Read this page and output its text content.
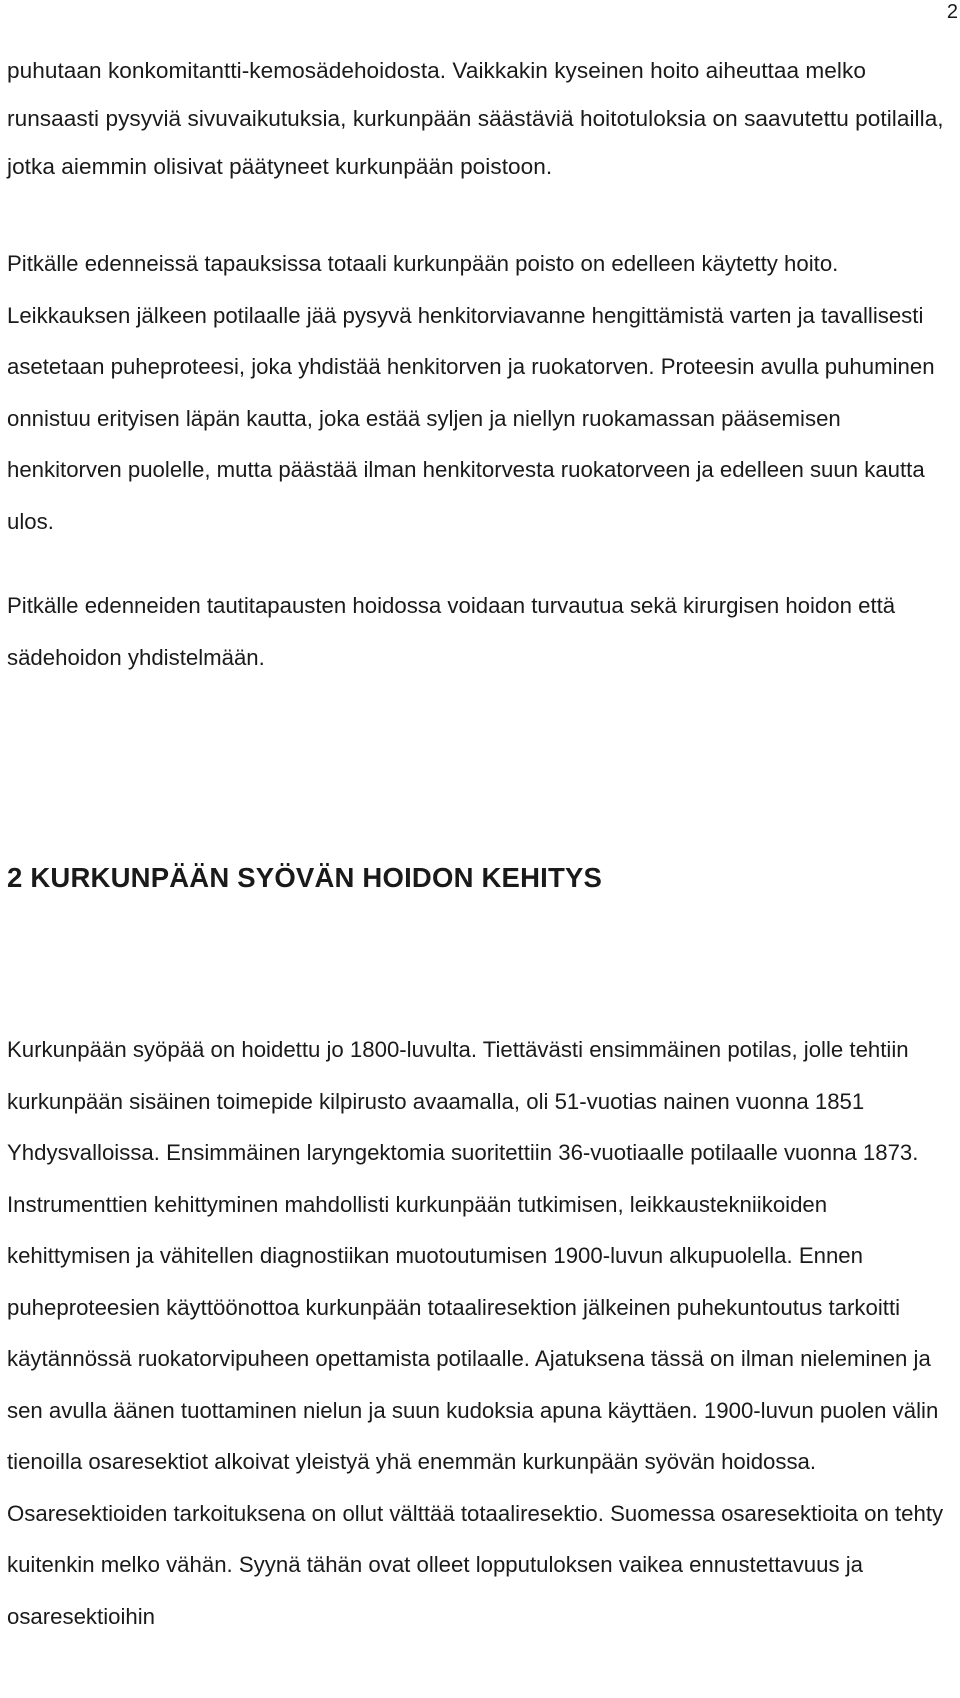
2

puhutaan konkomitantti-kemosädehoidosta. Vaikkakin kyseinen hoito aiheuttaa melko runsaasti pysyviä sivuvaikutuksia, kurkunpään säästäviä hoitotuloksia on saavutettu potilailla, jotka aiemmin olisivat päätyneet kurkunpään poistoon.

Pitkälle edenneissä tapauksissa totaali kurkunpään poisto on edelleen käytetty hoito. Leikkauksen jälkeen potilaalle jää pysyvä henkitorviavanne hengittämistä varten ja tavallisesti asetetaan puheproteesi, joka yhdistää henkitorven ja ruokatorven. Proteesin avulla puhuminen onnistuu erityisen läpän kautta, joka estää syljen ja niellyn ruokamassan pääsemisen henkitorven puolelle, mutta päästää ilman henkitorvesta ruokatorveen ja edelleen suun kautta ulos.

Pitkälle edenneiden tautitapausten hoidossa voidaan turvautua sekä kirurgisen hoidon että sädehoidon yhdistelmään.

2 KURKUNPÄÄN SYÖVÄN HOIDON KEHITYS

Kurkunpään syöpää on hoidettu jo 1800-luvulta. Tiettävästi ensimmäinen potilas, jolle tehtiin kurkunpään sisäinen toimepide kilpirusto avaamalla, oli 51-vuotias nainen vuonna 1851 Yhdysvalloissa. Ensimmäinen laryngektomia suoritettiin 36-vuotiaalle potilaalle vuonna 1873. Instrumenttien kehittyminen mahdollisti kurkunpään tutkimisen, leikkaustekniikoiden kehittymisen ja vähitellen diagnostiikan muotoutumisen 1900-luvun alkupuolella. Ennen puheproteesien käyttöönottoa kurkunpään totaaliresektion jälkeinen puhekuntoutus tarkoitti käytännössä ruokatorvipuheen opettamista potilaalle. Ajatuksena tässä on ilman nieleminen ja sen avulla äänen tuottaminen nielun ja suun kudoksia apuna käyttäen. 1900-luvun puolen välin tienoilla osaresektiot alkoivat yleistyä yhä enemmän kurkunpään syövän hoidossa. Osaresektioiden tarkoituksena on ollut välttää totaaliresektio. Suomessa osaresektioita on tehty kuitenkin melko vähän. Syynä tähän ovat olleet lopputuloksen vaikea ennustettavuus ja osaresektioihin
